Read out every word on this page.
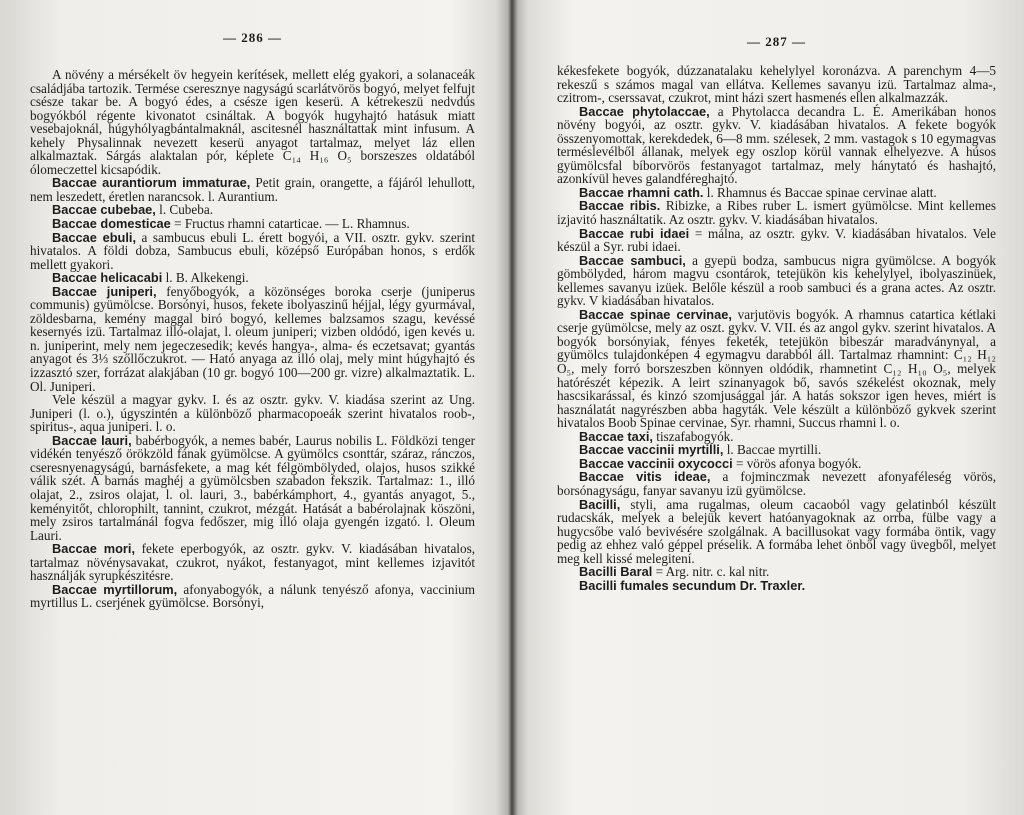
— 286 —

A növény a mérsékelt öv hegyein kerítések, mellett elég gyakori, a solanaceák családjába tartozik. Termése cseresznye nagyságú scarlátvörös bogyó, melyet felfujt csésze takar be. A bogyó édes, a csésze igen keserü. A kétrekeszü nedvdús bogyókból régente kivonatot csináltak. A bogyók hugyhajtó hatásuk miatt vesebajoknál, húgyhólyagbántalmaknál, ascitesnél használtattak mint infusum. A kehely Physalinnak nevezett keserü anyagot tartalmaz, melyet láz ellen alkalmaztak. Sárgás alaktalan pór, képlete C₁₄ H₁₆ O₅ borszeszes oldatából ólomeczettel kicsapódik.

Baccae aurantiorum immaturae, Petit grain, orangette, a fájáról lehullott, nem leszedett, éretlen narancsok. l. Aurantium.

Baccae cubebae, l. Cubeba.

Baccae domesticae = Fructus rhamni catarticae. — L. Rhamnus.

Baccae ebuli, a sambucus ebuli L. érett bogyói, a VII. osztr. gykv. szerint hivatalos. A földi dobza, Sambucus ebuli, középső Európában honos, s erdők mellett gyakori.

Baccae helicacabi l. B. Alkekengi.

Baccae juniperi, fenyőbogyók, a közönséges boroka cserje (juniperus communis) gyümölcse. Borsónyi, husos, fekete ibolyaszinű héjjal, légy gyurmával, zöldesbarna, kemény maggal biró bogyó, kellemes balzsamos szagu, kevéssé kesernyés izü. Tartalmaz illó-olajat, l. oleum juniperi; vizben oldódó, igen kevés u. n. juniperint, mely nem jegeczesedik; kevés hangya-, alma- és eczetsavat; gyantás anyagot és 3⅓ szőllőczukrot. — Ható anyaga az illó olaj, mely mint húgyhajtó és izzasztó szer, forrázat alakjában (10 gr. bogyó 100—200 gr. vizre) alkalmaztatik. L. Ol. Juniperi.

Vele készül a magyar gykv. I. és az osztr. gykv. V. kiadása szerint az Ung. Juniperi (l. o.), úgyszintén a különböző pharmacopoeák szerint hivatalos roob-, spiritus-, aqua juniperi. l. o.

Baccae lauri, babérbogyók, a nemes babér, Laurus nobilis L. Földközi tenger vidékén tenyésző örökzöld fának gyümölcse. A gyümölcs csonttár, száraz, ránczos, cseresnyenagyságú, barnásfekete, a mag két félgömbölyded, olajos, husos szikké válik szét. A barnás maghéj a gyümölcsben szabadon fekszik. Tartalmaz: 1., illó olajat, 2., zsiros olajat, l. ol. lauri, 3., babérkámphort, 4., gyantás anyagot, 5., keményitőt, chlorophilt, tannint, czukrot, mézgát. Hatását a babérolajnak köszöni, mely zsiros tartalmánál fogva fedőszer, mig illó olaja gyengén izgató. l. Oleum Lauri.

Baccae mori, fekete eperbogyók, az osztr. gykv. V. kiadásában hivatalos, tartalmaz növénysavakat, czukrot, nyákot, festanyagot, mint kellemes izjavitót használják syrupkészitésre.

Baccae myrtillorum, afonyabogyók, a nálunk tenyésző afonya, vaccinium myrtillus L. cserjének gyümölcse. Borsónyi,

— 287 —

kékesfekete bogyók, dúzzanatalaku kehelylyel koronázva. A parenchym 4—5 rekeszű s számos magal van ellátva. Kellemes savanyu izü. Tartalmaz alma-, czitrom-, cserssavat, czukrot, mint házi szert hasmenés ellen alkalmazzák.

Baccae phytolaccae, a Phytolacca decandra L. É. Amerikában honos növény bogyói, az osztr. gykv. V. kiadásában hivatalos. A fekete bogyók összenyomottak, kerekdedek, 6—8 mm. szélesek, 2 mm. vastagok s 10 egymagvas terméslevélből állanak, melyek egy oszlop körül vannak elhelyezve. A húsos gyümölcsfal bíborvörös festanyagot tartalmaz, mely hánytató és hashajtó, azonkívül heves galandféreghajtó.

Baccae rhamni cath. l. Rhamnus és Baccae spinae cervinae alatt.

Baccae ribis. Ribizke, a Ribes ruber L. ismert gyümölcse. Mint kellemes izjavitó használtatik. Az osztr. gykv. V. kiadásában hivatalos.

Baccae rubi idaei = málna, az osztr. gykv. V. kiadásában hivatalos. Vele készül a Syr. rubi idaei.

Baccae sambuci, a gyepü bodza, sambucus nigra gyümölcse. A bogyók gömbölyded, három magvu csontárok, tetejükön kis kehelylyel, ibolyaszinüek, kellemes savanyu izüek. Belőle készül a roob sambuci és a grana actes. Az osztr. gykv. V kiadásában hivatalos.

Baccae spinae cervinae, varjutövis bogyók. A rhamnus catartica kétlaki cserje gyümölcse, mely az oszt. gykv. V. VII. és az angol gykv. szerint hivatalos. A bogyók borsónyiak, fényes feketék, tetejükön bibeszár maradványnyal, a gyümölcs tulajdonképen 4 egymagvu darabból áll. Tartalmaz rhamnint: C₁₂ H₁₂ O₅, mely forró borszeszben könnyen oldódik, rhamnetint C₁₂ H₁₀ O₅, melyek hatórészét képezik. A leirt szinanyagok bő, savós székelést okoznak, mely hascsikarással, és kinzó szomjusággal jár. A hatás sokszor igen heves, miért is használatát nagyrészben abba hagyták. Vele készült a különböző gykvek szerint hivatalos Boob Spinae cervinae, Syr. rhamni, Succus rhamni l. o.

Baccae taxi, tiszafabogyók.

Baccae vaccinii myrtilli, l. Baccae myrtilli.

Baccae vaccinii oxycocci = vörös afonya bogyók.

Baccae vitis ideae, a fojminczmak nevezett afonyaféleség vörös, borsónagyságu, fanyar savanyu izü gyümölcse.

Bacilli, styli, ama rugalmas, oleum cacaoból vagy gelatinból készült rudacskák, melyek a belejük kevert hatóanyagoknak az orrba, fülbe vagy a hugycsőbe való bevivésére szolgálnak. A bacillusokat vagy formába öntik, vagy pedig az ehhez való géppel préselik. A formába lehet önből vagy üvegből, melyet meg kell kissé melegitení.

Bacilli Baral = Arg. nitr. c. kal nitr.

Bacilli fumales secundum Dr. Traxler.
